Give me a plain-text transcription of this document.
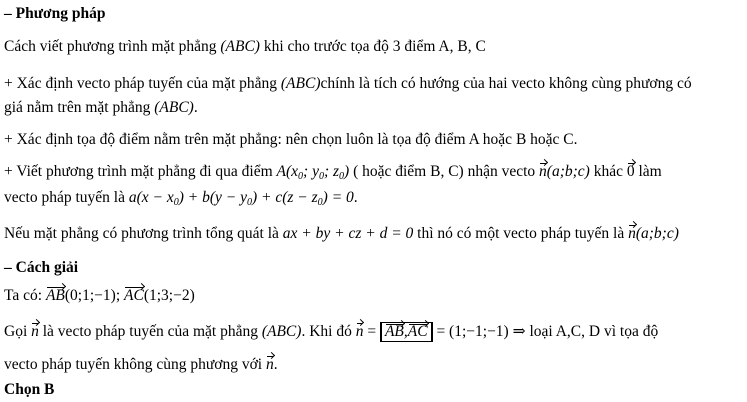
– Phương pháp
Cách viết phương trình mặt phẳng (ABC) khi cho trước tọa độ 3 điểm A, B, C
+ Xác định vecto pháp tuyến của mặt phẳng (ABC)chính là tích có hướng của hai vecto không cùng phương có
giá nằm trên mặt phẳng (ABC).
+ Xác định tọa độ điểm nằm trên mặt phẳng: nên chọn luôn là tọa độ điểm A hoặc B hoặc C.
+ Viết phương trình mặt phẳng đi qua điểm $A(x_0$; $y_0$; $z_0$) ( hoặc điểm B, C) nhận vecto n(a;b;c) khác 0 làm
vecto pháp tuyến là $a(x - x_0) + b(y - y_0) + c(z - z_0) = 0$.
Nếu mặt phẳng có phương trình tổng quát là ax + by + cz + d = 0 thì nó có một vecto pháp tuyến là n(a;b;c)
– Cách giải
Ta có: AB(0;1;−1); AC(1;3;−2)
Gọi n là vecto pháp tuyến của mặt phẳng (ABC). Khi đó n = AB,AC = (1;−1;−1) ⇒ loại A,C, D vì tọa độ
vecto pháp tuyến không cùng phương với n.
Chọn B
